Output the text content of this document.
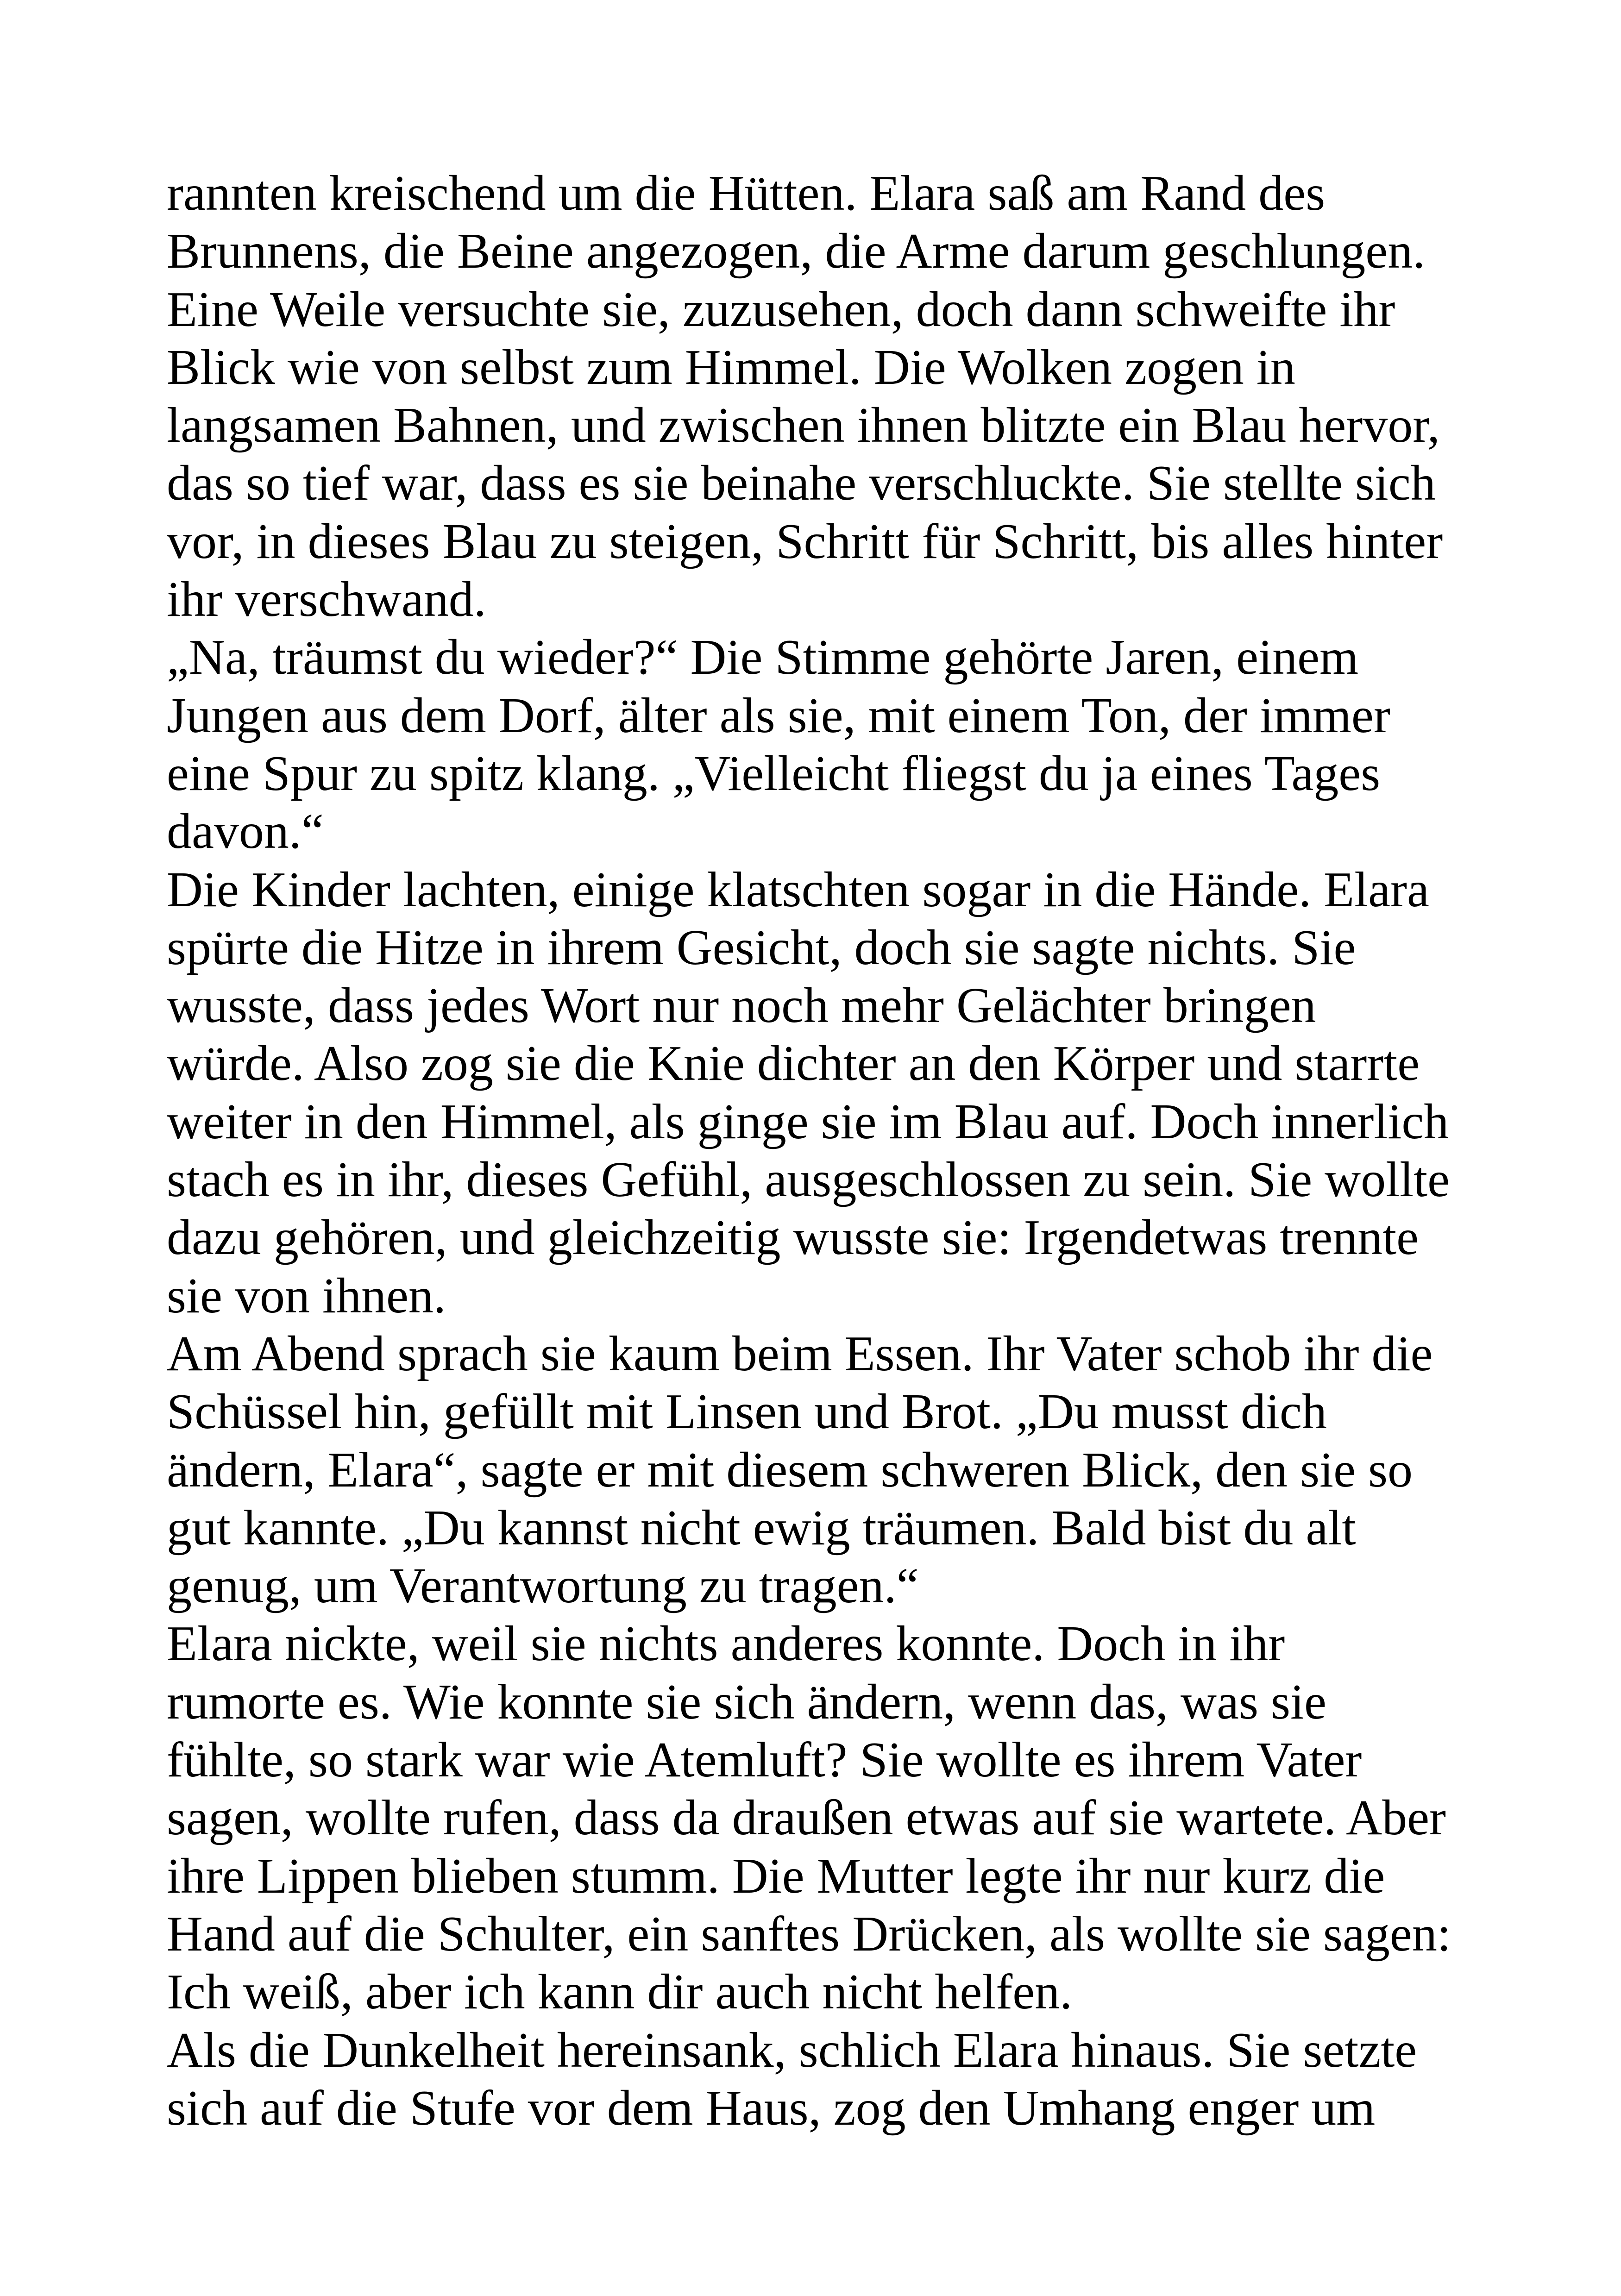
rannten kreischend um die Hütten. Elara saß am Rand des
Brunnens, die Beine angezogen, die Arme darum geschlungen.
Eine Weile versuchte sie, zuzusehen, doch dann schweifte ihr
Blick wie von selbst zum Himmel. Die Wolken zogen in
langsamen Bahnen, und zwischen ihnen blitzte ein Blau hervor,
das so tief war, dass es sie beinahe verschluckte. Sie stellte sich
vor, in dieses Blau zu steigen, Schritt für Schritt, bis alles hinter
ihr verschwand.
„Na, träumst du wieder?“ Die Stimme gehörte Jaren, einem
Jungen aus dem Dorf, älter als sie, mit einem Ton, der immer
eine Spur zu spitz klang. „Vielleicht fliegst du ja eines Tages
davon.“
Die Kinder lachten, einige klatschten sogar in die Hände. Elara
spürte die Hitze in ihrem Gesicht, doch sie sagte nichts. Sie
wusste, dass jedes Wort nur noch mehr Gelächter bringen
würde. Also zog sie die Knie dichter an den Körper und starrte
weiter in den Himmel, als ginge sie im Blau auf. Doch innerlich
stach es in ihr, dieses Gefühl, ausgeschlossen zu sein. Sie wollte
dazu gehören, und gleichzeitig wusste sie: Irgendetwas trennte
sie von ihnen.
Am Abend sprach sie kaum beim Essen. Ihr Vater schob ihr die
Schüssel hin, gefüllt mit Linsen und Brot. „Du musst dich
ändern, Elara“, sagte er mit diesem schweren Blick, den sie so
gut kannte. „Du kannst nicht ewig träumen. Bald bist du alt
genug, um Verantwortung zu tragen.“
Elara nickte, weil sie nichts anderes konnte. Doch in ihr
rumorte es. Wie konnte sie sich ändern, wenn das, was sie
fühlte, so stark war wie Atemluft? Sie wollte es ihrem Vater
sagen, wollte rufen, dass da draußen etwas auf sie wartete. Aber
ihre Lippen blieben stumm. Die Mutter legte ihr nur kurz die
Hand auf die Schulter, ein sanftes Drücken, als wollte sie sagen:
Ich weiß, aber ich kann dir auch nicht helfen.
Als die Dunkelheit hereinsank, schlich Elara hinaus. Sie setzte
sich auf die Stufe vor dem Haus, zog den Umhang enger um
